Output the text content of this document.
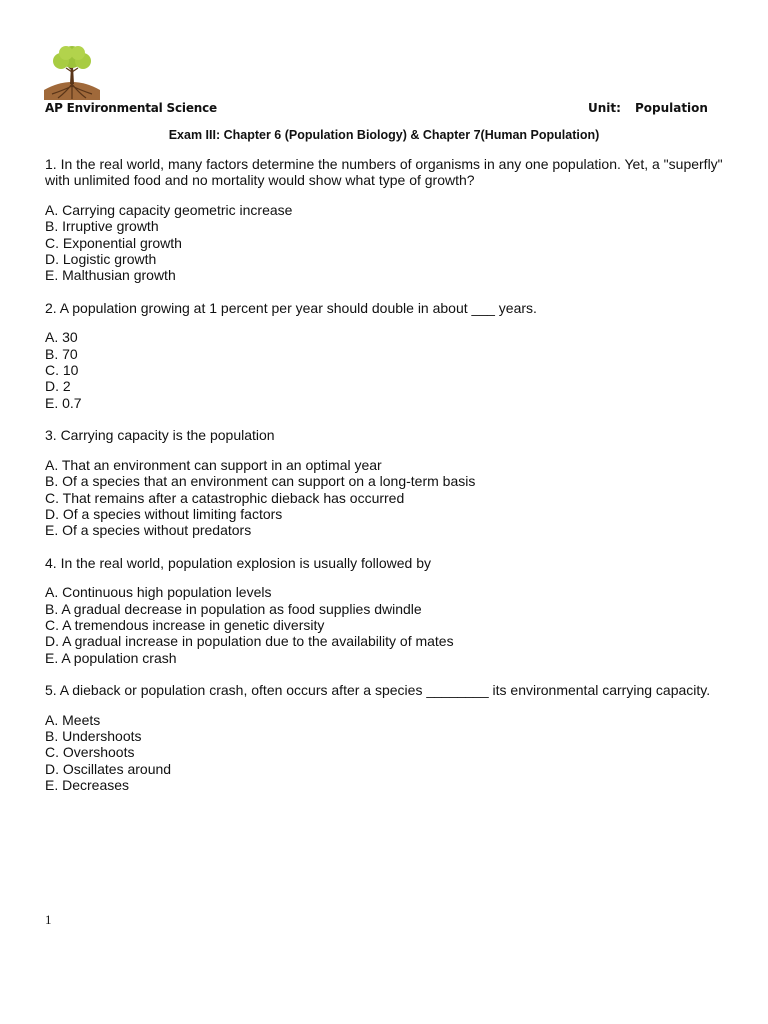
AP Environmental Science	Unit: Population
Exam III: Chapter 6 (Population Biology) & Chapter 7(Human Population)

1. In the real world, many factors determine the numbers of organisms in any one population. Yet, a "superfly" with unlimited food and no mortality would show what type of growth?

A. Carrying capacity geometric increase
B. Irruptive growth
C. Exponential growth
D. Logistic growth
E. Malthusian growth

2. A population growing at 1 percent per year should double in about ___ years.

A. 30
B. 70
C. 10
D. 2
E. 0.7

3. Carrying capacity is the population

A. That an environment can support in an optimal year
B. Of a species that an environment can support on a long-term basis
C. That remains after a catastrophic dieback has occurred
D. Of a species without limiting factors
E. Of a species without predators

4. In the real world, population explosion is usually followed by

A. Continuous high population levels
B. A gradual decrease in population as food supplies dwindle
C. A tremendous increase in genetic diversity
D. A gradual increase in population due to the availability of mates
E. A population crash

5. A dieback or population crash, often occurs after a species ________ its environmental carrying capacity.

A. Meets
B. Undershoots
C. Overshoots
D. Oscillates around
E. Decreases
1
